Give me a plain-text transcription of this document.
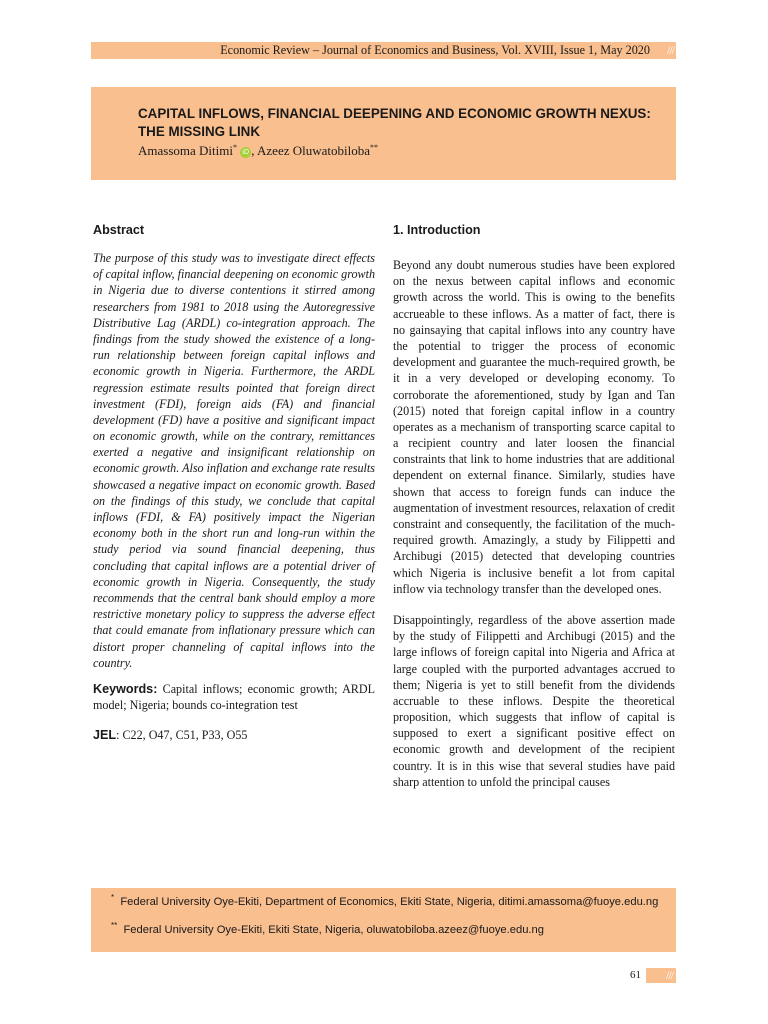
Economic Review – Journal of Economics and Business, Vol. XVIII, Issue 1, May 2020 ///
CAPITAL INFLOWS, FINANCIAL DEEPENING AND ECONOMIC GROWTH NEXUS: THE MISSING LINK
Amassoma Ditimi* iD , Azeez Oluwatobiloba**
Abstract

The purpose of this study was to investigate direct effects of capital inflow, financial deepening on economic growth in Nigeria due to diverse contentions it stirred among researchers from 1981 to 2018 using the Autoregressive Distributive Lag (ARDL) co-integration approach. The findings from the study showed the existence of a long-run relationship between foreign capital inflows and economic growth in Nigeria. Furthermore, the ARDL regression estimate results pointed that foreign direct investment (FDI), foreign aids (FA) and financial development (FD) have a positive and significant impact on economic growth, while on the contrary, remittances exerted a negative and insignificant relationship on economic growth. Also inflation and exchange rate results showcased a negative impact on economic growth. Based on the findings of this study, we conclude that capital inflows (FDI, & FA) positively impact the Nigerian economy both in the short run and long-run within the study period via sound financial deepening, thus concluding that capital inflows are a potential driver of economic growth in Nigeria. Consequently, the study recommends that the central bank should employ a more restrictive monetary policy to suppress the adverse effect that could emanate from inflationary pressure which can distort proper channeling of capital inflows into the country.

Keywords: Capital inflows; economic growth; ARDL model; Nigeria; bounds co-integration test

JEL: C22, O47, C51, P33, O55

1. Introduction

Beyond any doubt numerous studies have been explored on the nexus between capital inflows and economic growth across the world. This is owing to the benefits accrueable to these inflows. As a matter of fact, there is no gainsaying that capital inflows into any country have the potential to trigger the process of economic development and guarantee the much-required growth, be it in a very developed or developing economy. To corroborate the aforementioned, study by Igan and Tan (2015) noted that foreign capital inflow in a country operates as a mechanism of transporting scarce capital to a recipient country and later loosen the financial constraints that link to home industries that are additional dependent on external finance. Similarly, studies have shown that access to foreign funds can induce the augmentation of investment resources, relaxation of credit constraint and consequently, the facilitation of the much-required growth. Amazingly, a study by Filippetti and Archibugi (2015) detected that developing countries which Nigeria is inclusive benefit a lot from capital inflow via technology transfer than the developed ones.

Disappointingly, regardless of the above assertion made by the study of Filippetti and Archibugi (2015) and the large inflows of foreign capital into Nigeria and Africa at large coupled with the purported advantages accrued to them; Nigeria is yet to still benefit from the dividends accruable to these inflows. Despite the theoretical proposition, which suggests that inflow of capital is supposed to exert a significant positive effect on economic growth and development of the recipient country. It is in this wise that several studies have paid sharp attention to unfold the principal causes

* Federal University Oye-Ekiti, Department of Economics, Ekiti State, Nigeria, ditimi.amassoma@fuoye.edu.ng

** Federal University Oye-Ekiti, Ekiti State, Nigeria, oluwatobiloba.azeez@fuoye.edu.ng

61 ///
